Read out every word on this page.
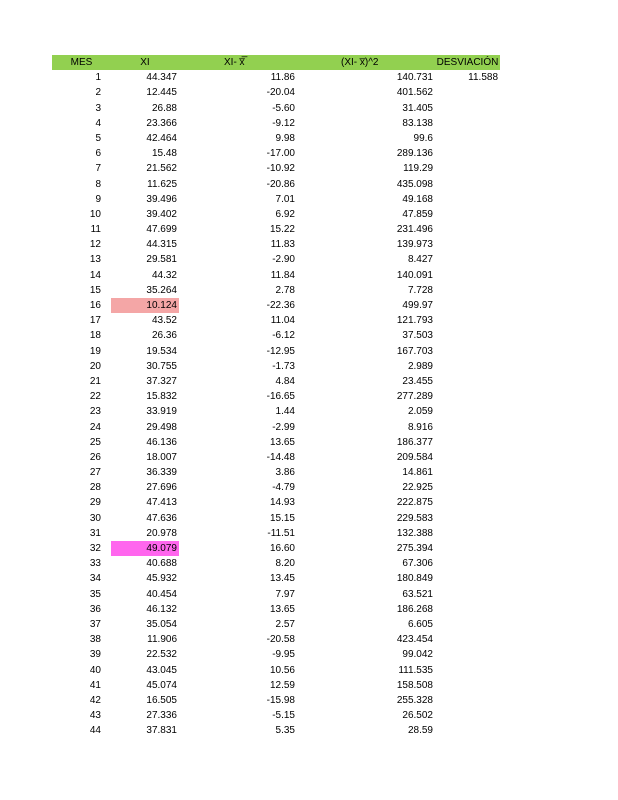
MES	XI	XI- x̅̅	(XI- x̅)^2	DESVIACIÓN
1	44.347	11.86	140.731	11.588
2	12.445	-20.04	401.562
3	26.88	-5.60	31.405
4	23.366	-9.12	83.138
5	42.464	9.98	99.6
6	15.48	-17.00	289.136
7	21.562	-10.92	119.29
8	11.625	-20.86	435.098
9	39.496	7.01	49.168
10	39.402	6.92	47.859
11	47.699	15.22	231.496
12	44.315	11.83	139.973
13	29.581	-2.90	8.427
14	44.32	11.84	140.091
15	35.264	2.78	7.728
16	10.124	-22.36	499.97
17	43.52	11.04	121.793
18	26.36	-6.12	37.503
19	19.534	-12.95	167.703
20	30.755	-1.73	2.989
21	37.327	4.84	23.455
22	15.832	-16.65	277.289
23	33.919	1.44	2.059
24	29.498	-2.99	8.916
25	46.136	13.65	186.377
26	18.007	-14.48	209.584
27	36.339	3.86	14.861
28	27.696	-4.79	22.925
29	47.413	14.93	222.875
30	47.636	15.15	229.583
31	20.978	-11.51	132.388
32	49.079	16.60	275.394
33	40.688	8.20	67.306
34	45.932	13.45	180.849
35	40.454	7.97	63.521
36	46.132	13.65	186.268
37	35.054	2.57	6.605
38	11.906	-20.58	423.454
39	22.532	-9.95	99.042
40	43.045	10.56	111.535
41	45.074	12.59	158.508
42	16.505	-15.98	255.328
43	27.336	-5.15	26.502
44	37.831	5.35	28.59
